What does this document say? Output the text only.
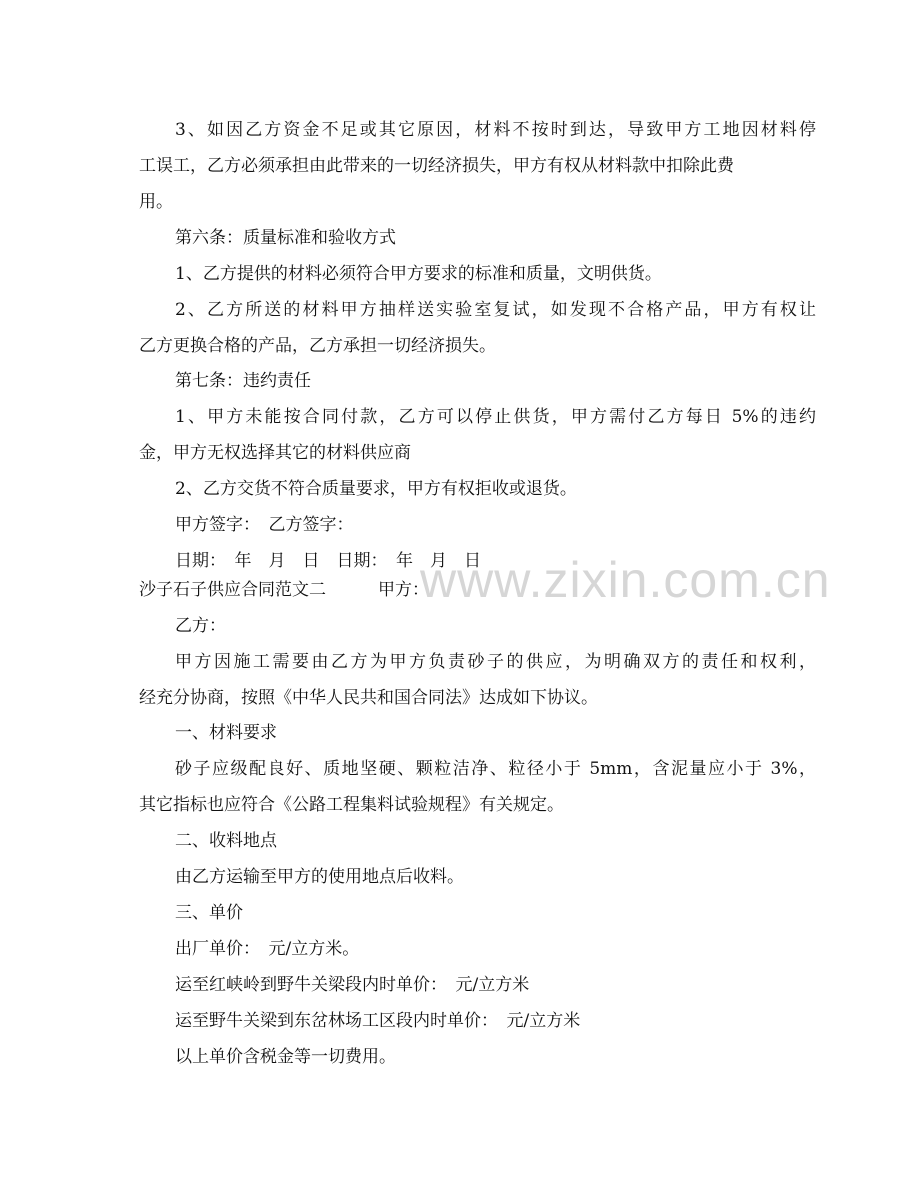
3、如因乙方资金不足或其它原因，材料不按时到达，导致甲方工地因材料停

工误工，乙方必须承担由此带来的一切经济损失，甲方有权从材料款中扣除此费

用。

第六条：质量标准和验收方式

1、乙方提供的材料必须符合甲方要求的标准和质量，文明供货。

2、乙方所送的材料甲方抽样送实验室复试，如发现不合格产品，甲方有权让

乙方更换合格的产品，乙方承担一切经济损失。

第七条：违约责任

1、甲方未能按合同付款，乙方可以停止供货，甲方需付乙方每日 5%的违约

金，甲方无权选择其它的材料供应商

2、乙方交货不符合质量要求，甲方有权拒收或退货。

甲方签字：　乙方签字：

日期：　年　月　日　日期：　年　月　日

www.zixin.com.cn
沙子石子供应合同范文二	甲方：

乙方：

甲方因施工需要由乙方为甲方负责砂子的供应，为明确双方的责任和权利，

经充分协商，按照《中华人民共和国合同法》达成如下协议。

一、材料要求

砂子应级配良好、质地坚硬、颗粒洁净、粒径小于 5mm，含泥量应小于 3%，

其它指标也应符合《公路工程集料试验规程》有关规定。

二、收料地点

由乙方运输至甲方的使用地点后收料。

三、单价

出厂单价：　元/立方米。

运至红峡岭到野牛关梁段内时单价：　元/立方米

运至野牛关梁到东岔林场工区段内时单价：　元/立方米

以上单价含税金等一切费用。
